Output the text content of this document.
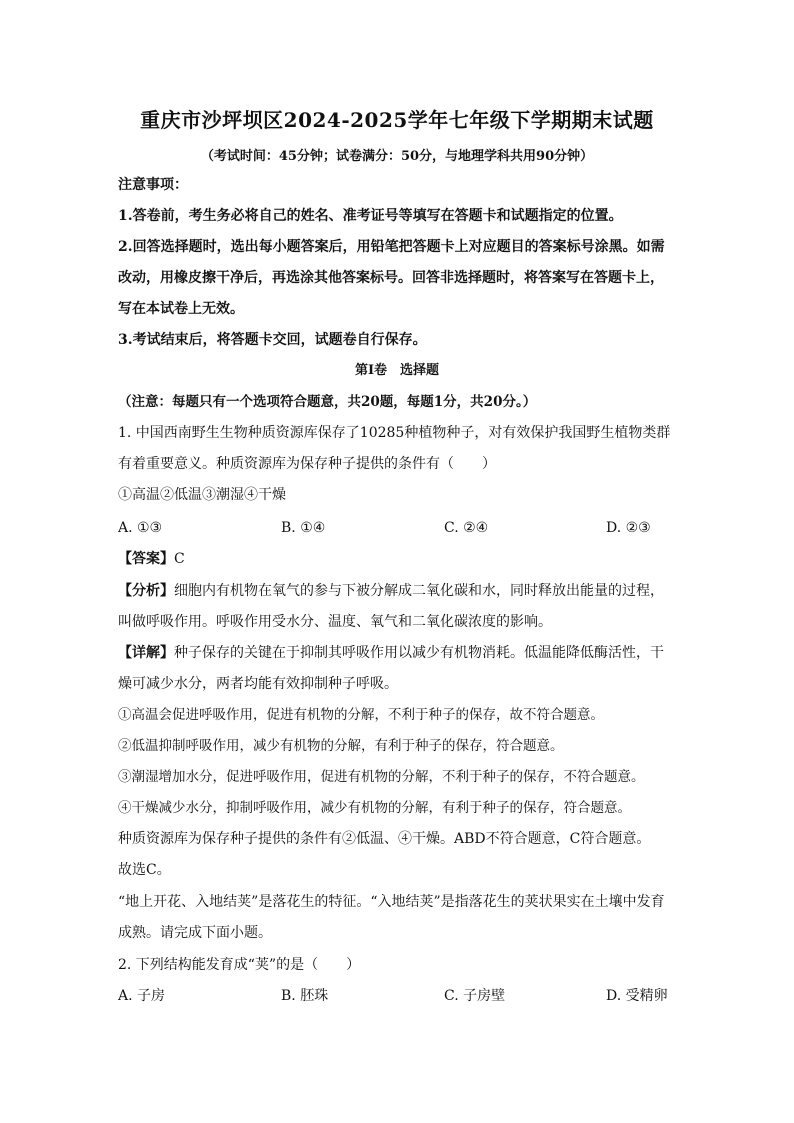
重庆市沙坪坝区2024-2025学年七年级下学期期末试题
（考试时间：45分钟；试卷满分：50分，与地理学科共用90分钟）
注意事项：
1.答卷前，考生务必将自己的姓名、准考证号等填写在答题卡和试题指定的位置。
2.回答选择题时，选出每小题答案后，用铅笔把答题卡上对应题目的答案标号涂黑。如需
改动，用橡皮擦干净后，再选涂其他答案标号。回答非选择题时，将答案写在答题卡上，
写在本试卷上无效。
3.考试结束后，将答题卡交回，试题卷自行保存。
第I卷　选择题
（注意：每题只有一个选项符合题意，共20题，每题1分，共20分。）
1. 中国西南野生生物种质资源库保存了10285种植物种子，对有效保护我国野生植物类群
有着重要意义。种质资源库为保存种子提供的条件有（　　）
①高温②低温③潮湿④干燥
A. ①③	B. ①④	C. ②④	D. ②③
【答案】C
【分析】细胞内有机物在氧气的参与下被分解成二氧化碳和水，同时释放出能量的过程，
叫做呼吸作用。呼吸作用受水分、温度、氧气和二氧化碳浓度的影响。
【详解】种子保存的关键在于抑制其呼吸作用以减少有机物消耗。低温能降低酶活性，干
燥可减少水分，两者均能有效抑制种子呼吸。
①高温会促进呼吸作用，促进有机物的分解，不利于种子的保存，故不符合题意。
②低温抑制呼吸作用，减少有机物的分解，有利于种子的保存，符合题意。
③潮湿增加水分，促进呼吸作用，促进有机物的分解，不利于种子的保存，不符合题意。
④干燥减少水分，抑制呼吸作用，减少有机物的分解，有利于种子的保存，符合题意。
种质资源库为保存种子提供的条件有②低温、④干燥。ABD不符合题意，C符合题意。
故选C。
“地上开花、入地结荚”是落花生的特征。“入地结荚”是指落花生的荚状果实在土壤中发育
成熟。请完成下面小题。
2. 下列结构能发育成“荚”的是（　　）
A. 子房	B. 胚珠	C. 子房壁	D. 受精卵
